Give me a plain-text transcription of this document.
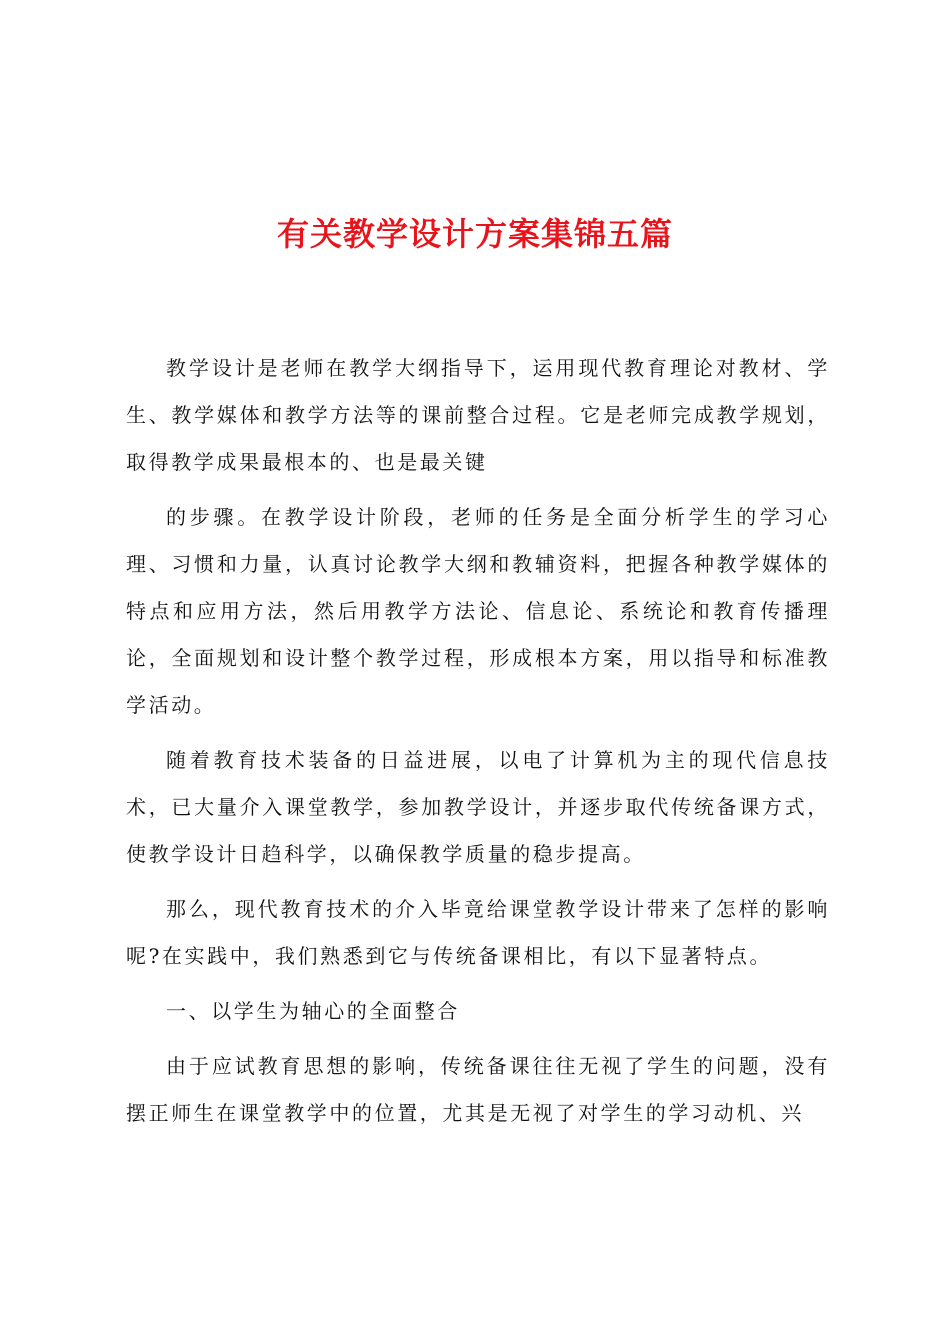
有关教学设计方案集锦五篇

教学设计是老师在教学大纲指导下，运用现代教育理论对教材、学生、教学媒体和教学方法等的课前整合过程。它是老师完成教学规划，取得教学成果最根本的、也是最关键

的步骤。在教学设计阶段，老师的任务是全面分析学生的学习心理、习惯和力量，认真讨论教学大纲和教辅资料，把握各种教学媒体的特点和应用方法，然后用教学方法论、信息论、系统论和教育传播理论，全面规划和设计整个教学过程，形成根本方案，用以指导和标准教学活动。

随着教育技术装备的日益进展，以电了计算机为主的现代信息技术，已大量介入课堂教学，参加教学设计，并逐步取代传统备课方式，使教学设计日趋科学，以确保教学质量的稳步提高。

那么，现代教育技术的介入毕竟给课堂教学设计带来了怎样的影响呢?在实践中，我们熟悉到它与传统备课相比，有以下显著特点。

一、以学生为轴心的全面整合

由于应试教育思想的影响，传统备课往往无视了学生的问题，没有摆正师生在课堂教学中的位置，尤其是无视了对学生的学习动机、兴
